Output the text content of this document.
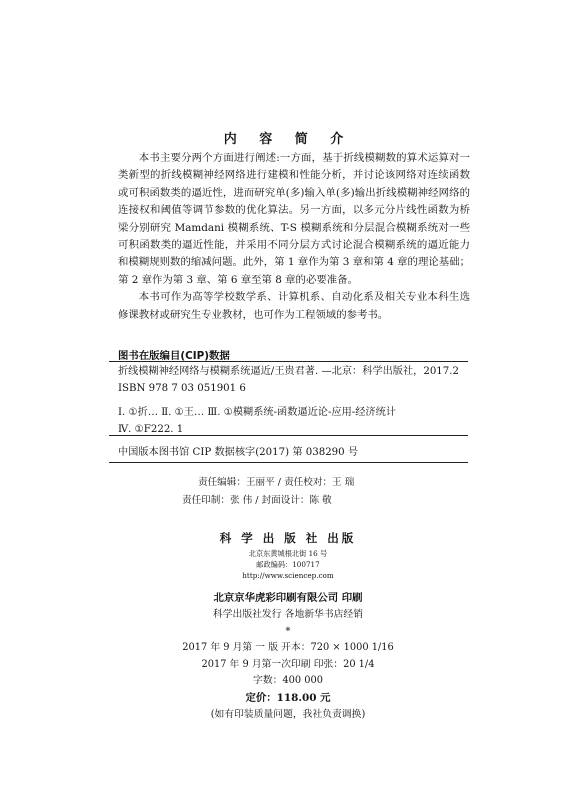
内 容 简 介

本书主要分两个方面进行阐述:一方面，基于折线模糊数的算术运算对一类新型的折线模糊神经网络进行建模和性能分析，并讨论该网络对连续函数或可积函数类的逼近性，进而研究单(多)输入单(多)输出折线模糊神经网络的连接权和阈值等调节参数的优化算法。另一方面，以多元分片线性函数为桥梁分别研究 Mamdani 模糊系统、T-S 模糊系统和分层混合模糊系统对一些可积函数类的逼近性能，并采用不同分层方式讨论混合模糊系统的逼近能力和模糊规则数的缩减问题。此外，第 1 章作为第 3 章和第 4 章的理论基础；第 2 章作为第 3 章、第 6 章至第 8 章的必要准备。

本书可作为高等学校数学系、计算机系、自动化系及相关专业本科生选修课教材或研究生专业教材，也可作为工程领域的参考书。

图书在版编目(CIP)数据
折线模糊神经网络与模糊系统逼近/王贵君著. —北京：科学出版社，2017.2
ISBN 978 7 03 051901 6
Ⅰ. ①折… Ⅱ. ①王… Ⅲ. ①模糊系统-函数逼近论-应用-经济统计
Ⅳ. ①F222. 1
中国版本图书馆 CIP 数据核字(2017) 第 038290 号
责任编辑：王丽平 / 责任校对：王 瑞
责任印制：张 伟 / 封面设计：陈 敬
科 学 出 版 社 出版
北京东黄城根北街 16 号
邮政编码：100717
http://www.sciencep.com
北京京华虎彩印刷有限公司 印刷
科学出版社发行 各地新华书店经销
*
2017 年 9 月第 一 版 开本：720 × 1000 1/16
2017 年 9 月第一次印刷 印张：20 1/4
字数：400 000
定价：118.00 元
(如有印装质量问题，我社负责调换)
